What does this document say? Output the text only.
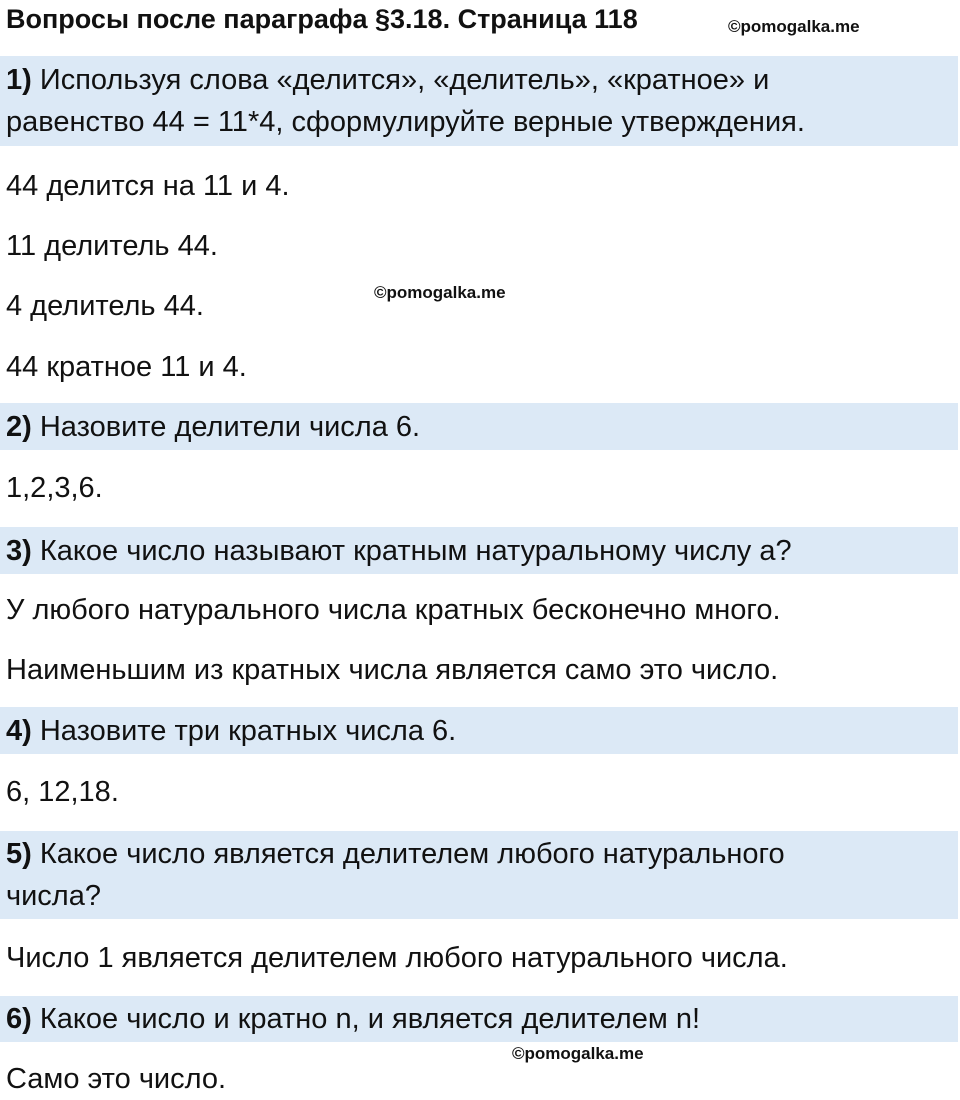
Вопросы после параграфа §3.18. Страница 118	©pomogalka.me
1) Используя слова «делится», «делитель», «кратное» и
равенство 44 = 11*4, сформулируйте верные утверждения.
44 делится на 11 и 4.
11 делитель 44.
4 делитель 44.	©pomogalka.me
44 кратное 11 и 4.
2) Назовите делители числа 6.
1,2,3,6.
3) Какое число называют кратным натуральному числу a?
У любого натурального числа кратных бесконечно много.
Наименьшим из кратных числа является само это число.
4) Назовите три кратных числа 6.
6, 12,18.
5) Какое число является делителем любого натурального
числа?
Число 1 является делителем любого натурального числа.
6) Какое число и кратно n, и является делителем n!
©pomogalka.me
Само это число.
